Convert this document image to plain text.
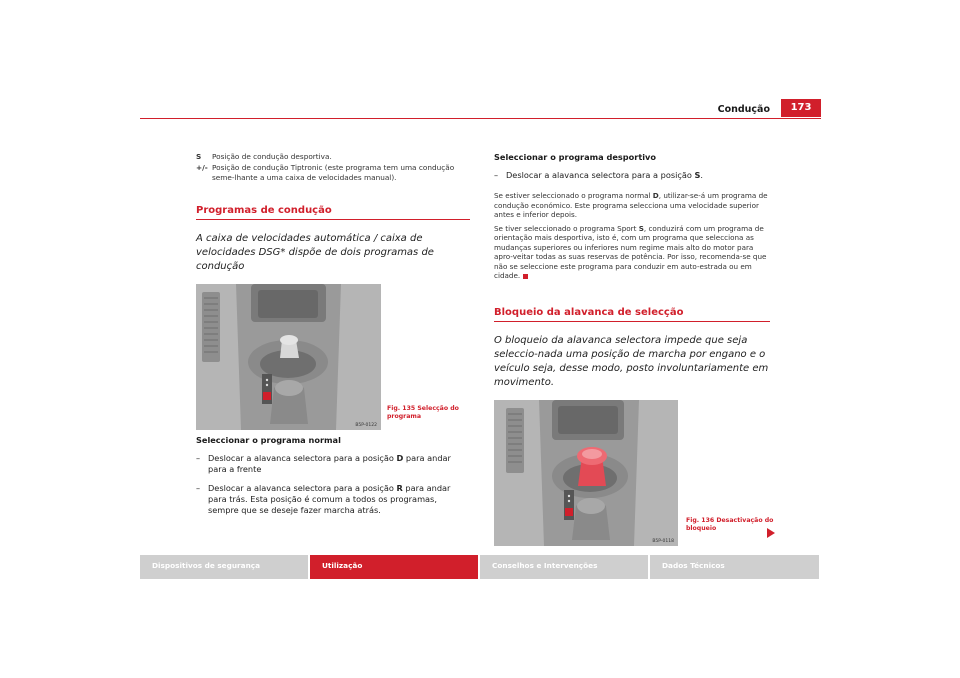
Condução	173
S	Posição de condução desportiva.
+/- Posição de condução Tiptronic (este programa tem uma condução seme-lhante a uma caixa de velocidades manual).
Programas de condução
A caixa de velocidades automática / caixa de velocidades DSG* dispõe de dois programas de condução
B5P-0122
Seleccionar o programa normal
– Deslocar a alavanca selectora para a posição D para andar para a frente
– Deslocar a alavanca selectora para a posição R para andar para trás. Esta posição é comum a todos os programas, sempre que se deseje fazer marcha atrás.
Fig. 135 Selecção do programa
Seleccionar o programa desportivo
– Deslocar a alavanca selectora para a posição S.
Se estiver seleccionado o programa normal D, utilizar-se-á um programa de condução económico. Este programa selecciona uma velocidade superior antes e inferior depois.
Se tiver seleccionado o programa Sport S, conduzirá com um programa de orientação mais desportiva, isto é, com um programa que selecciona as mudanças superiores ou inferiores num regime mais alto do motor para apro-veitar todas as suas reservas de potência. Por isso, recomenda-se que não se seleccione este programa para conduzir em auto-estrada ou em cidade.
Bloqueio da alavanca de selecção
O bloqueio da alavanca selectora impede que seja seleccio-nada uma posição de marcha por engano e o veículo seja, desse modo, posto involuntariamente em movimento.
B5P-0118
Fig. 136 Desactivação do bloqueio
Dispositivos de segurança	Utilização	Conselhos e Intervenções	Dados Técnicos
